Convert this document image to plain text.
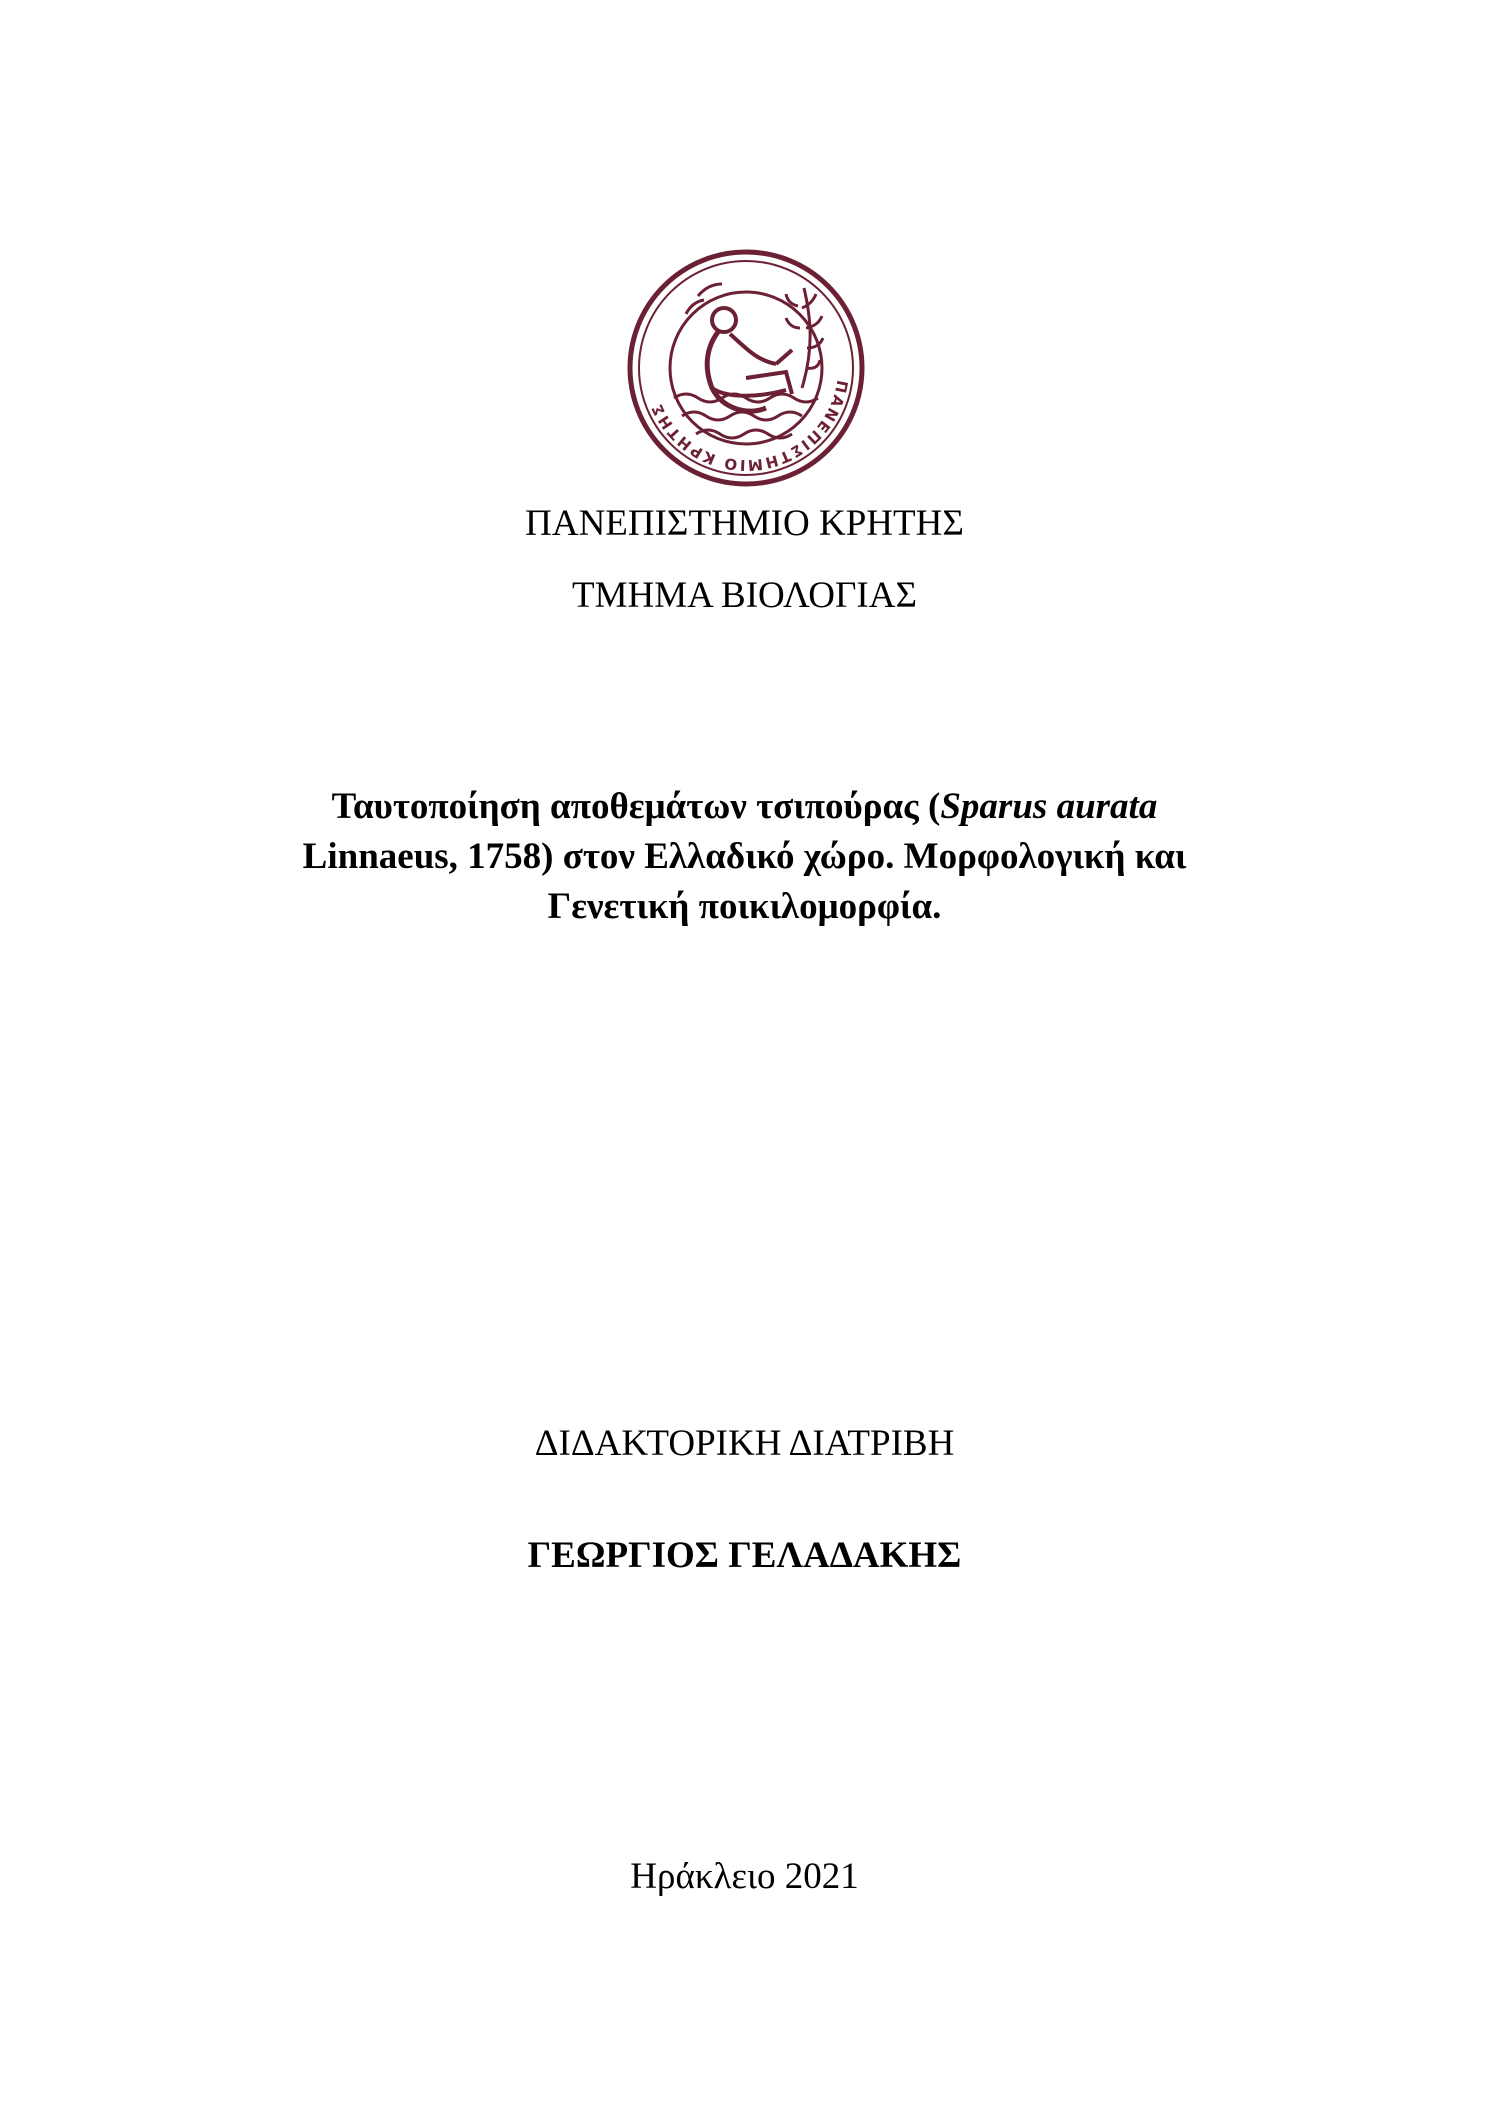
ΠΑΝΕΠΙΣΤΗΜΙΟ ΚΡΗΤΗΣ
ΠΑΝΕΠΙΣΤΗΜΙΟ ΚΡΗΤΗΣ
ΤΜΗΜΑ ΒΙΟΛΟΓΙΑΣ
Ταυτοποίηση αποθεμάτων τσιπούρας (Sparus aurata
Linnaeus, 1758) στον Ελλαδικό χώρο. Μορφολογική και
Γενετική ποικιλομορφία.
ΔΙΔΑΚΤΟΡΙΚΗ ΔΙΑΤΡΙΒΗ
ΓΕΩΡΓΙΟΣ ΓΕΛΑΔΑΚΗΣ
Ηράκλειο 2021
